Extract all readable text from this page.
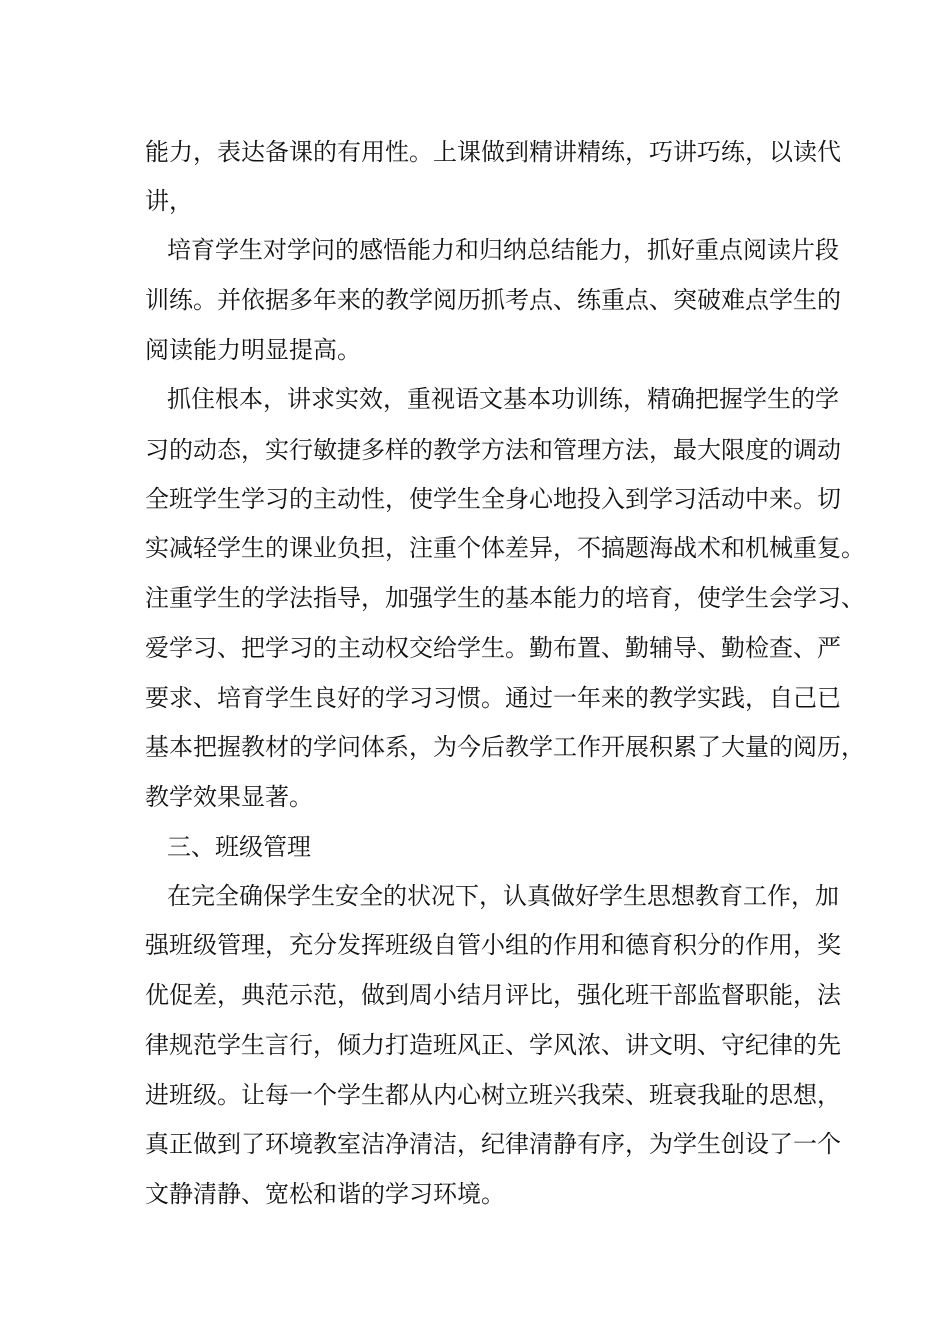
能力，表达备课的有用性。上课做到精讲精练，巧讲巧练，以读代

讲，

培育学生对学问的感悟能力和归纳总结能力，抓好重点阅读片段

训练。并依据多年来的教学阅历抓考点、练重点、突破难点学生的

阅读能力明显提高。

抓住根本，讲求实效，重视语文基本功训练，精确把握学生的学

习的动态，实行敏捷多样的教学方法和管理方法，最大限度的调动

全班学生学习的主动性，使学生全身心地投入到学习活动中来。切

实减轻学生的课业负担，注重个体差异，不搞题海战术和机械重复。

注重学生的学法指导，加强学生的基本能力的培育，使学生会学习、

爱学习、把学习的主动权交给学生。勤布置、勤辅导、勤检查、严

要求、培育学生良好的学习习惯。通过一年来的教学实践，自己已

基本把握教材的学问体系，为今后教学工作开展积累了大量的阅历，

教学效果显著。

三、班级管理

在完全确保学生安全的状况下，认真做好学生思想教育工作，加

强班级管理，充分发挥班级自管小组的作用和德育积分的作用，奖

优促差，典范示范，做到周小结月评比，强化班干部监督职能，法

律规范学生言行，倾力打造班风正、学风浓、讲文明、守纪律的先

进班级。让每一个学生都从内心树立班兴我荣、班衰我耻的思想，

真正做到了环境教室洁净清洁，纪律清静有序，为学生创设了一个

文静清静、宽松和谐的学习环境。
